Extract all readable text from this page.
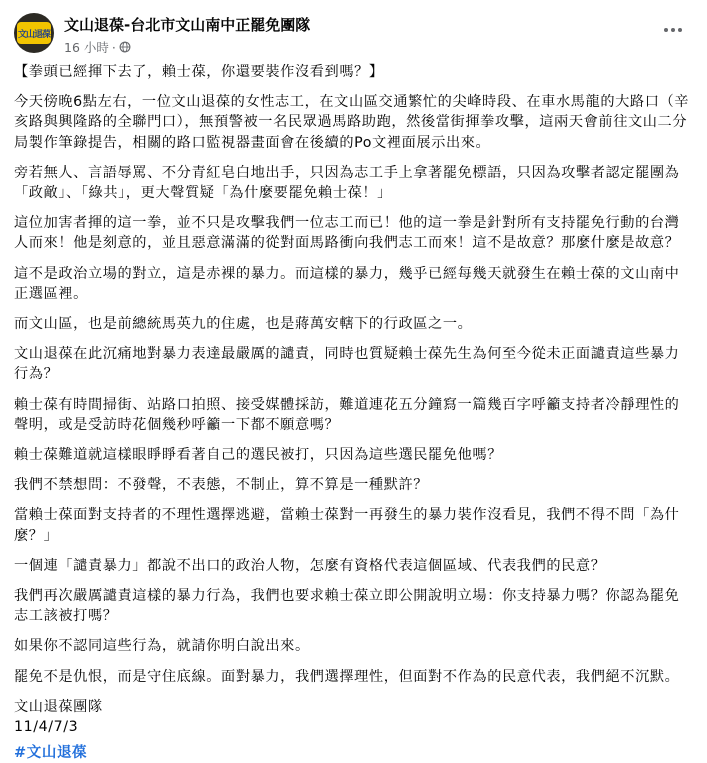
文山退葆
文山退葆-台北市文山南中正罷免團隊
16 小時 ·

【拳頭已經揮下去了，賴士葆，你還要裝作沒看到嗎？】

今天傍晚6點左右，一位文山退葆的女性志工，在文山區交通繁忙的尖峰時段、在車水馬龍的大路口（辛亥路與興隆路的全聯門口），無預警被一名民眾過馬路助跑，然後當街揮拳攻擊，這兩天會前往文山二分局製作筆錄提告，相關的路口監視器畫面會在後續的Po文裡面展示出來。

旁若無人、言語辱罵、不分青紅皂白地出手，只因為志工手上拿著罷免標語，只因為攻擊者認定罷團為「政敵」、「綠共」，更大聲質疑「為什麼要罷免賴士葆！」

這位加害者揮的這一拳，並不只是攻擊我們一位志工而已！他的這一拳是針對所有支持罷免行動的台灣人而來！他是刻意的，並且惡意滿滿的從對面馬路衝向我們志工而來！這不是故意？那麼什麼是故意？

這不是政治立場的對立，這是赤裸的暴力。而這樣的暴力，幾乎已經每幾天就發生在賴士葆的文山南中正選區裡。

而文山區，也是前總統馬英九的住處，也是蔣萬安轄下的行政區之一。

文山退葆在此沉痛地對暴力表達最嚴厲的譴責，同時也質疑賴士葆先生為何至今從未正面譴責這些暴力行為？

賴士葆有時間掃街、站路口拍照、接受媒體採訪，難道連花五分鐘寫一篇幾百字呼籲支持者冷靜理性的聲明，或是受訪時花個幾秒呼籲一下都不願意嗎？

賴士葆難道就這樣眼睜睜看著自己的選民被打，只因為這些選民罷免他嗎？

我們不禁想問：不發聲，不表態，不制止，算不算是一種默許？

當賴士葆面對支持者的不理性選擇逃避，當賴士葆對一再發生的暴力裝作沒看見，我們不得不問「為什麼？」

一個連「譴責暴力」都說不出口的政治人物，怎麼有資格代表這個區域、代表我們的民意？

我們再次嚴厲譴責這樣的暴力行為，我們也要求賴士葆立即公開說明立場：你支持暴力嗎？你認為罷免志工該被打嗎？

如果你不認同這些行為，就請你明白說出來。

罷免不是仇恨，而是守住底線。面對暴力，我們選擇理性，但面對不作為的民意代表，我們絕不沉默。

文山退葆團隊

11/4/7/3

#文山退葆
